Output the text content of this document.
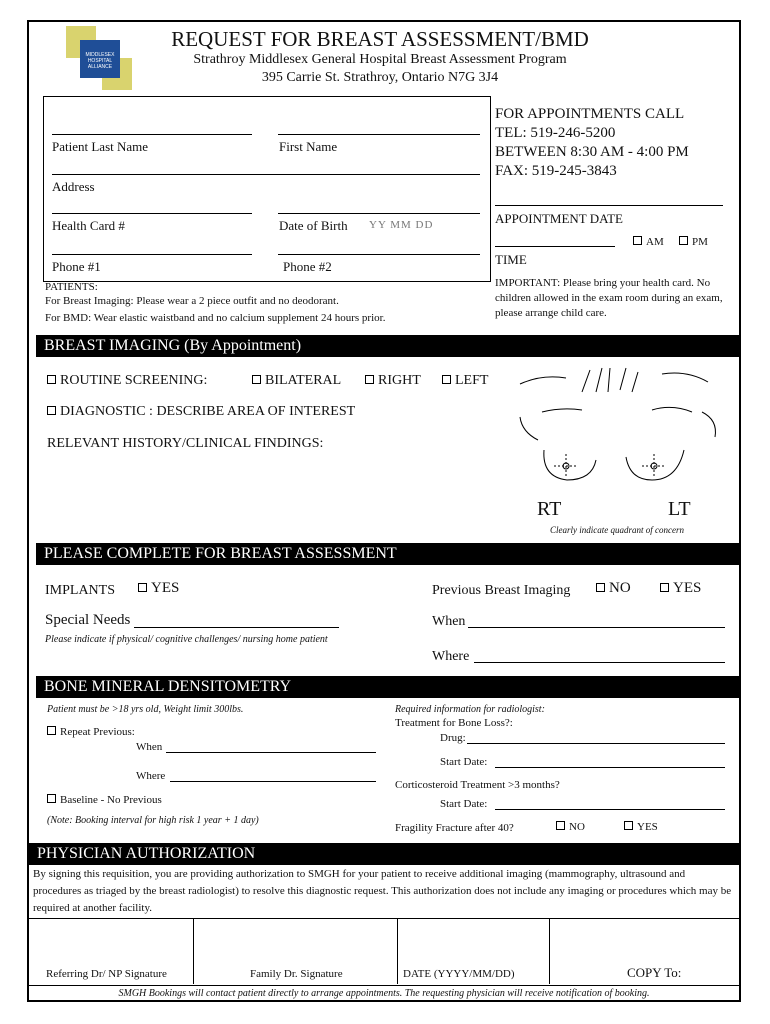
MIDDLESEX HOSPITAL ALLIANCE
REQUEST FOR BREAST ASSESSMENT/BMD
Strathroy Middlesex General Hospital Breast Assessment Program
395 Carrie St. Strathroy, Ontario N7G 3J4
Patient Last Name	First Name
Address
Health Card #	Date of Birth YY MM DD
Phone #1	Phone #2
PATIENTS:
For Breast Imaging: Please wear a 2 piece outfit and no deodorant.
For BMD: Wear elastic waistband and no calcium supplement 24 hours prior.
FOR APPOINTMENTS CALL
TEL: 519-246-5200
BETWEEN 8:30 AM - 4:00 PM
FAX: 519-245-3843
APPOINTMENT DATE
AM	PM
TIME
IMPORTANT: Please bring your health card. No children allowed in the exam room during an exam, please arrange child care.
BREAST IMAGING (By Appointment)
ROUTINE SCREENING:	BILATERAL	RIGHT	LEFT
DIAGNOSTIC : DESCRIBE AREA OF INTEREST
RELEVANT HISTORY/CLINICAL FINDINGS:
RT	LT
Clearly indicate quadrant of concern
PLEASE COMPLETE FOR BREAST ASSESSMENT
IMPLANTS	YES	Previous Breast Imaging	NO	YES
Special Needs
Please indicate if physical/ cognitive challenges/ nursing home patient
When
Where
BONE MINERAL DENSITOMETRY
Patient must be >18 yrs old, Weight limit 300lbs.
Repeat Previous:
When
Where
Baseline - No Previous
(Note: Booking interval for high risk 1 year + 1 day)
Required information for radiologist:
Treatment for Bone Loss?:
Drug:
Start Date:
Corticosteroid Treatment >3 months?
Start Date:
Fragility Fracture after 40?	NO	YES
PHYSICIAN AUTHORIZATION
By signing this requisition, you are providing authorization to SMGH for your patient to receive additional imaging (mammography, ultrasound and procedures as triaged by the breast radiologist) to resolve this diagnostic request. This authorization does not include any imaging or procedures which may be required at another facility.
Referring Dr/ NP Signature	Family Dr. Signature	DATE (YYYY/MM/DD)	COPY To:
SMGH Bookings will contact patient directly to arrange appointments. The requesting physician will receive notification of booking.
